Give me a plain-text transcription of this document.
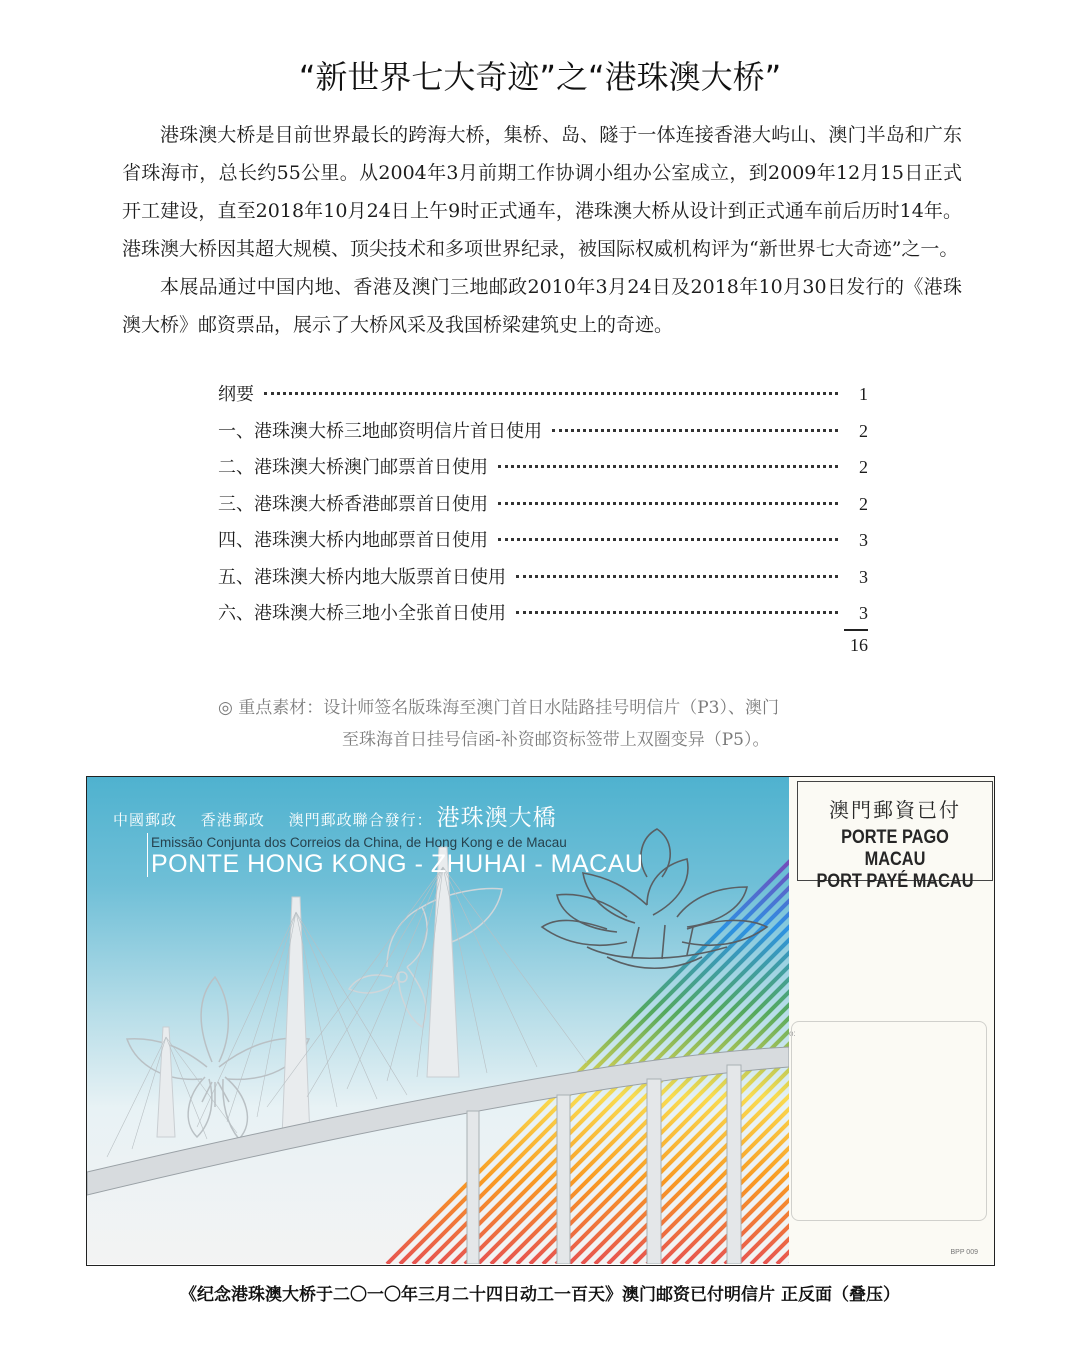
“新世界七大奇迹”之“港珠澳大桥”

港珠澳大桥是目前世界最长的跨海大桥，集桥、岛、隧于一体连接香港大屿山、澳门半岛和广东省珠海市，总长约55公里。从2004年3月前期工作协调小组办公室成立，到2009年12月15日正式开工建设，直至2018年10月24日上午9时正式通车，港珠澳大桥从设计到正式通车前后历时14年。港珠澳大桥因其超大规模、顶尖技术和多项世界纪录，被国际权威机构评为“新世界七大奇迹”之一。

本展品通过中国内地、香港及澳门三地邮政2010年3月24日及2018年10月30日发行的《港珠澳大桥》邮资票品，展示了大桥风采及我国桥梁建筑史上的奇迹。

纲要	1
一、港珠澳大桥三地邮资明信片首日使用	2
二、港珠澳大桥澳门邮票首日使用	2
三、港珠澳大桥香港邮票首日使用	2
四、港珠澳大桥内地邮票首日使用	3
五、港珠澳大桥内地大版票首日使用	3
六、港珠澳大桥三地小全张首日使用	3
16
◎ 重点素材：设计师签名版珠海至澳门首日水陆路挂号明信片（P3）、澳门
至珠海首日挂号信函-补资邮资标签带上双圈变异（P5）。
中國郵政 香港郵政 澳門郵政聯合發行： 港珠澳大橋
Emissão Conjunta dos Correios da China, de Hong Kong e de Macau
PONTE HONG KONG - ZHUHAI - MACAU
澳門郵資已付
PORTE PAGO MACAU
PORT PAYÉ MACAU
o:
BPP 009
《纪念港珠澳大桥于二〇一〇年三月二十四日动工一百天》澳门邮资已付明信片 正反面（叠压）
